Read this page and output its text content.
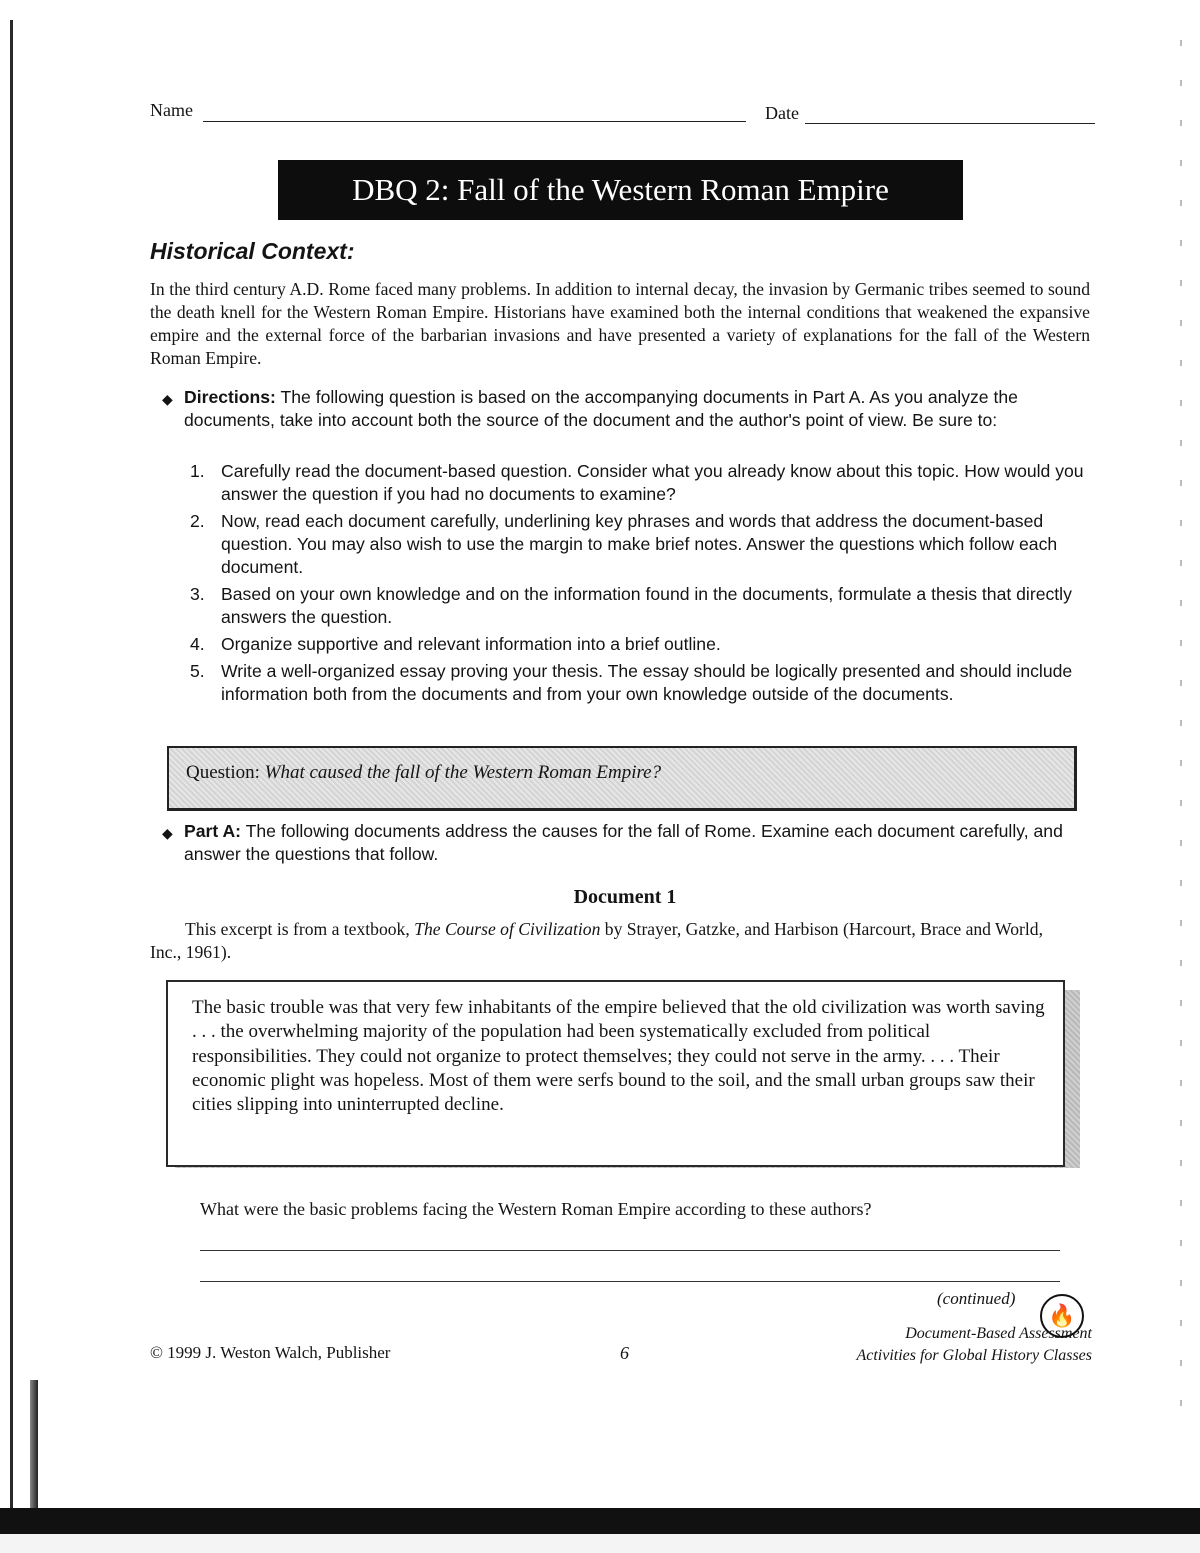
Name	Date
DBQ 2: Fall of the Western Roman Empire
Historical Context:
In the third century A.D. Rome faced many problems. In addition to internal decay, the invasion by Germanic tribes seemed to sound the death knell for the Western Roman Empire. Historians have examined both the internal conditions that weakened the expansive empire and the external force of the barbarian invasions and have presented a variety of explanations for the fall of the Western Roman Empire.
◆ Directions: The following question is based on the accompanying documents in Part A. As you analyze the documents, take into account both the source of the document and the author's point of view. Be sure to:
1. Carefully read the document-based question. Consider what you already know about this topic. How would you answer the question if you had no documents to examine?
2. Now, read each document carefully, underlining key phrases and words that address the document-based question. You may also wish to use the margin to make brief notes. Answer the questions which follow each document.
3. Based on your own knowledge and on the information found in the documents, formulate a thesis that directly answers the question.
4. Organize supportive and relevant information into a brief outline.
5. Write a well-organized essay proving your thesis. The essay should be logically presented and should include information both from the documents and from your own knowledge outside of the documents.
Question: What caused the fall of the Western Roman Empire?
◆ Part A: The following documents address the causes for the fall of Rome. Examine each document carefully, and answer the questions that follow.
Document 1
This excerpt is from a textbook, The Course of Civilization by Strayer, Gatzke, and Harbison (Harcourt, Brace and World, Inc., 1961).
The basic trouble was that very few inhabitants of the empire believed that the old civilization was worth saving . . . the overwhelming majority of the population had been systematically excluded from political responsibilities. They could not organize to protect themselves; they could not serve in the army. . . . Their economic plight was hopeless. Most of them were serfs bound to the soil, and the small urban groups saw their cities slipping into uninterrupted decline.
What were the basic problems facing the Western Roman Empire according to these authors?
(continued)
🔥
© 1999 J. Weston Walch, Publisher	6
Document-Based Assessment
Activities for Global History Classes
